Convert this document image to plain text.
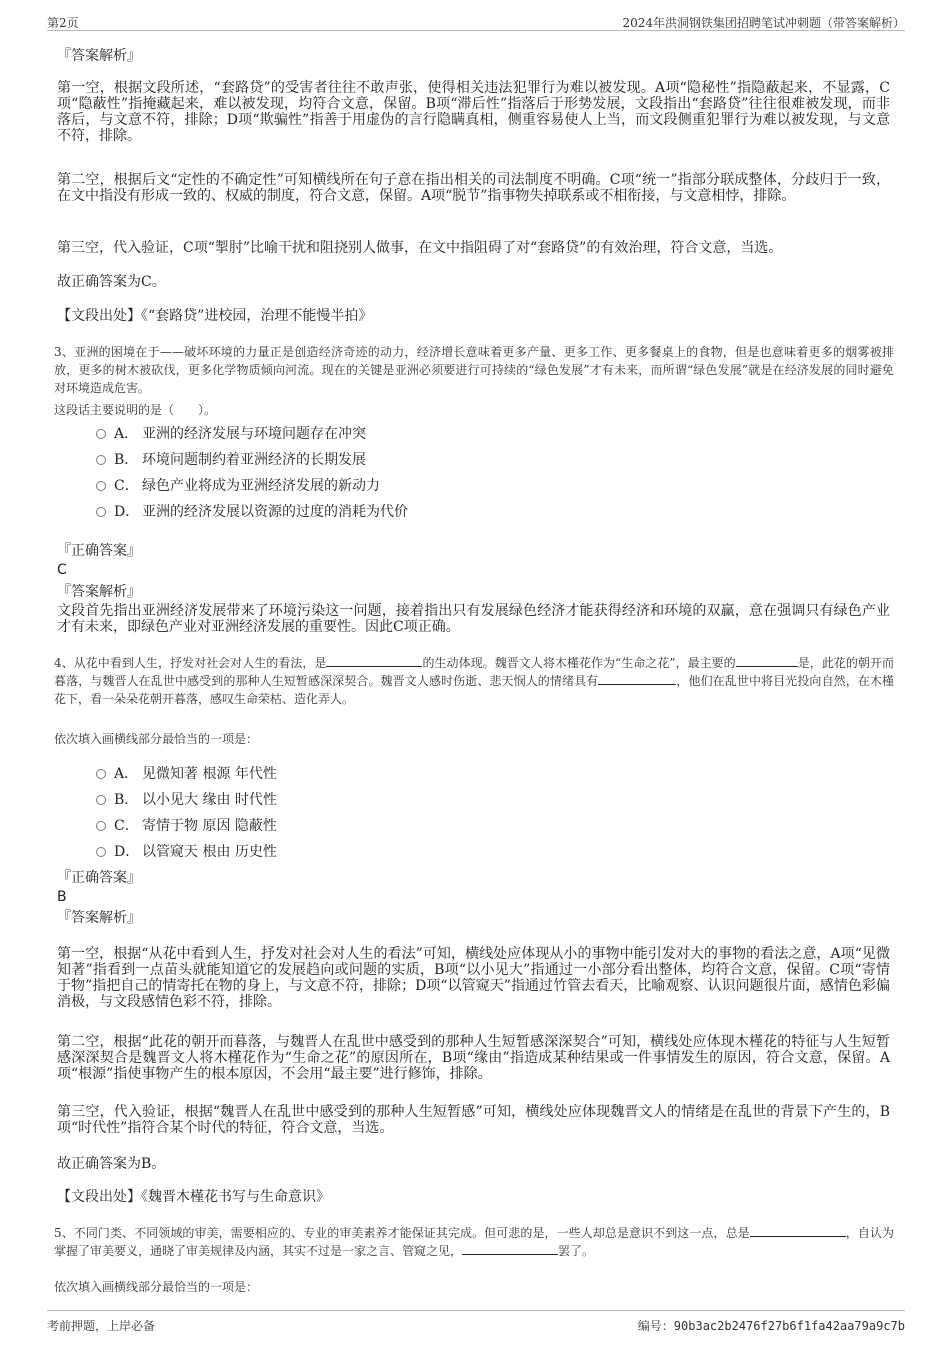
第2页	2024年洪洞钢铁集团招聘笔试冲刺题（带答案解析）
『答案解析』
第一空，根据文段所述，“套路贷”的受害者往往不敢声张，使得相关违法犯罪行为难以被发现。A项“隐秘性”指隐蔽起来，不显露，C项“隐蔽性”指掩藏起来，难以被发现，均符合文意，保留。B项“滞后性”指落后于形势发展，文段指出“套路贷”往往很难被发现，而非落后，与文意不符，排除；D项“欺骗性”指善于用虚伪的言行隐瞒真相，侧重容易使人上当，而文段侧重犯罪行为难以被发现，与文意不符，排除。
第二空，根据后文“定性的不确定性”可知横线所在句子意在指出相关的司法制度不明确。C项“统一”指部分联成整体，分歧归于一致，在文中指没有形成一致的、权威的制度，符合文意，保留。A项“脱节”指事物失掉联系或不相衔接，与文意相悖，排除。
第三空，代入验证，C项“掣肘”比喻干扰和阻挠别人做事，在文中指阻碍了对“套路贷”的有效治理，符合文意，当选。
故正确答案为C。
【文段出处】《“套路贷”进校园，治理不能慢半拍》
3、亚洲的困境在于——破坏环境的力量正是创造经济奇迹的动力，经济增长意味着更多产量、更多工作、更多餐桌上的食物，但是也意味着更多的烟雾被排放，更多的树木被砍伐，更多化学物质倾向河流。现在的关键是亚洲必须要进行可持续的“绿色发展”才有未来，而所谓“绿色发展”就是在经济发展的同时避免对环境造成危害。
这段话主要说明的是（　　）。
A． 亚洲的经济发展与环境问题存在冲突
B． 环境问题制约着亚洲经济的长期发展
C． 绿色产业将成为亚洲经济发展的新动力
D． 亚洲的经济发展以资源的过度的消耗为代价
『正确答案』
C
『答案解析』
文段首先指出亚洲经济发展带来了环境污染这一问题，接着指出只有发展绿色经济才能获得经济和环境的双赢，意在强调只有绿色产业才有未来，即绿色产业对亚洲经济发展的重要性。因此C项正确。
4、从花中看到人生，抒发对社会对人生的看法，是	的生动体现。魏晋文人将木槿花作为“生命之花”，最主要的	是，此花的朝开而暮落，与魏晋人在乱世中感受到的那种人生短暂感深深契合。魏晋文人感时伤逝、悲天悯人的情绪具有	，他们在乱世中将目光投向自然，在木槿花下，看一朵朵花朝开暮落，感叹生命荣枯、造化弄人。
依次填入画横线部分最恰当的一项是：
A． 见微知著 根源 年代性
B． 以小见大 缘由 时代性
C． 寄情于物 原因 隐蔽性
D． 以管窥天 根由 历史性
『正确答案』
B
『答案解析』
第一空，根据“从花中看到人生，抒发对社会对人生的看法”可知，横线处应体现从小的事物中能引发对大的事物的看法之意，A项“见微知著”指看到一点苗头就能知道它的发展趋向或问题的实质，B项“以小见大”指通过一小部分看出整体，均符合文意，保留。C项“寄情于物”指把自己的情寄托在物的身上，与文意不符，排除；D项“以管窥天”指通过竹管去看天，比喻观察、认识问题很片面，感情色彩偏消极，与文段感情色彩不符，排除。
第二空，根据“此花的朝开而暮落，与魏晋人在乱世中感受到的那种人生短暂感深深契合”可知，横线处应体现木槿花的特征与人生短暂感深深契合是魏晋文人将木槿花作为“生命之花”的原因所在，B项“缘由”指造成某种结果或一件事情发生的原因，符合文意，保留。A项“根源”指使事物产生的根本原因，不会用“最主要”进行修饰，排除。
第三空，代入验证，根据“魏晋人在乱世中感受到的那种人生短暂感”可知，横线处应体现魏晋文人的情绪是在乱世的背景下产生的，B项“时代性”指符合某个时代的特征，符合文意，当选。
故正确答案为B。
【文段出处】《魏晋木槿花书写与生命意识》
5、不同门类、不同领域的审美，需要相应的、专业的审美素养才能保证其完成。但可悲的是，一些人却总是意识不到这一点，总是	，自认为掌握了审美要义，通晓了审美规律及内涵，其实不过是一家之言、管窥之见，	罢了。
依次填入画横线部分最恰当的一项是：
考前押题，上岸必备	编号：90b3ac2b2476f27b6f1fa42aa79a9c7b
